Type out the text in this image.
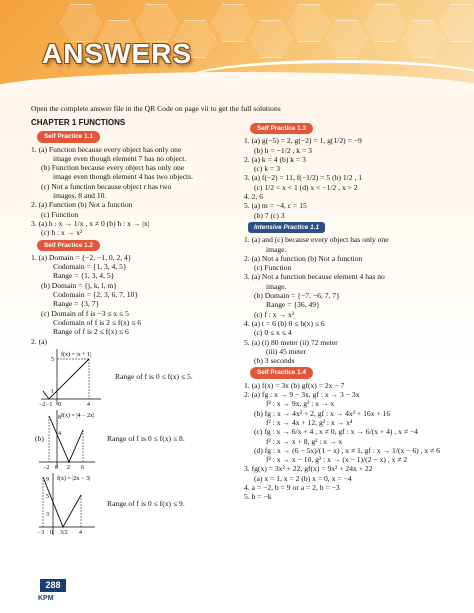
ANSWERS
Open the complete answer file in the QR Code on page vii to get the full solutions
CHAPTER 1 FUNCTIONS
Self Practice 1.1
1. (a) Function because every object has only one
image even though element 7 has no object.
(b) Function because every object has only one
image even though element 4 has two objects.
(c) Not a function because object r has two
images, 8 and 10.
2. (a) Function (b) Not a function
(c) Function
3. (a) h : x → 1/x , x ≠ 0 (b) h : x → |x|
(c) h : x → x²
Self Practice 1.2
1. (a) Domain = {−2, −1, 0, 2, 4}
Codomain = {1, 3, 4, 5}
Range = {1, 3, 4, 5}
(b) Domain = {j, k, l, m}
Codomain = {2, 3, 6, 7, 10}
Range = {3, 7}
(c) Domain of f is −3 ≤ x ≤ 5
Codomain of f is 2 ≤ f(x) ≤ 6
Range of f is 2 ≤ f(x) ≤ 6
2. (a)
f(x) = |x + 1|
−2 −1 0	4
5
1
Range of f is 0 ≤ f(x) ≤ 5.
(b)
f(x) = |4 − 2x|
−2 0 2 6
8
4
Range of f is 0 ≤ f(x) ≤ 8.
f(x) = |2x − 3|
−3 0 3/2 4
9
5
3
Range of f is 0 ≤ f(x) ≤ 9.
Self Practice 1.3
1. (a) g(−5) = 2, g(−2) = 1, g(1/2) = −9
(b) h = −1/2 , k = 3
2. (a) k = 4 (b) k = 3
(c) k = 3
3. (a) f(−2) = 11, f(−1/2) = 5 (b) 1/2 , 1
(c) 1/2 < x < 1 (d) x < −1/2 , x > 2
4. 2, 6
5. (a) m = −4, c = 15
(b) 7 (c) 3
Intensive Practice 1.1
1. (a) and (c) because every object has only one
image.
2. (a) Not a function (b) Not a function
(c) Function
3. (a) Not a function because element 4 has no
image.
(b) Domain = {−7, −6, 7, 7}
Range = {36, 49}
(c) f : x → x²
4. (a) t = 6 (b) 0 ≤ h(x) ≤ 6
(c) 0 ≤ x ≤ 4
5. (a) (i) 80 meter (ii) 72 meter
(iii) 45 meter
(b) 3 seconds
Self Practice 1.4
1. (a) f(x) = 3x (b) gf(x) = 2x − 7
2. (a) fg : x → 9 − 3x, gf : x → 3 − 3x
f² : x → 9x, g² : x → x
(b) fg : x → 4x² + 2, gf : x → 4x² + 16x + 16
f² : x → 4x + 12, g² : x → x⁴
(c) fg : x → 6/x + 4 , x ≠ 0, gf : x → 6/(x + 4) , x ≠ −4
f² : x → x + 8, g² : x → x
(d) fg : x → (6 − 5x)/(1 − x) , x ≠ 1, gf : x → 1/(x − 6) , x ≠ 6
f² : x → x − 10, g² : x → (x − 1)/(2 − x) , x ≠ 2
3. fg(x) = 3x² + 22, gf(x) = 9x² + 24x + 22
(a) x = 1, x = 2 (b) x = 0, x = −4
4. a = −2, b = 9 or a = 2, b = −3
5. h = −k
288
KPM
